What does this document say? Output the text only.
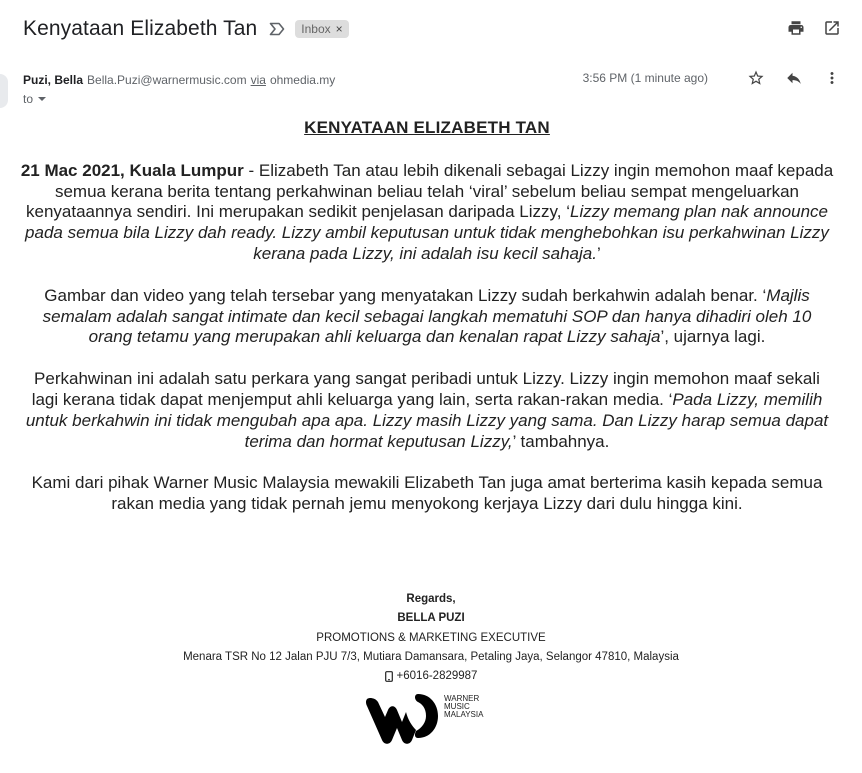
Kenyataan Elizabeth Tan	Inbox ×
Puzi, Bella Bella.Puzi@warnermusic.com via ohmedia.my	3:56 PM (1 minute ago)
to
KENYATAAN ELIZABETH TAN

21 Mac 2021, Kuala Lumpur - Elizabeth Tan atau lebih dikenali sebagai Lizzy ingin memohon maaf kepada semua kerana berita tentang perkahwinan beliau telah ‘viral’ sebelum beliau sempat mengeluarkan kenyataannya sendiri. Ini merupakan sedikit penjelasan daripada Lizzy, ‘Lizzy memang plan nak announce pada semua bila Lizzy dah ready. Lizzy ambil keputusan untuk tidak menghebohkan isu perkahwinan Lizzy kerana pada Lizzy, ini adalah isu kecil sahaja.’

Gambar dan video yang telah tersebar yang menyatakan Lizzy sudah berkahwin adalah benar. ‘Majlis semalam adalah sangat intimate dan kecil sebagai langkah mematuhi SOP dan hanya dihadiri oleh 10 orang tetamu yang merupakan ahli keluarga dan kenalan rapat Lizzy sahaja’, ujarnya lagi.

Perkahwinan ini adalah satu perkara yang sangat peribadi untuk Lizzy. Lizzy ingin memohon maaf sekali lagi kerana tidak dapat menjemput ahli keluarga yang lain, serta rakan-rakan media. ‘Pada Lizzy, memilih untuk berkahwin ini tidak mengubah apa apa. Lizzy masih Lizzy yang sama. Dan Lizzy harap semua dapat terima dan hormat keputusan Lizzy,’ tambahnya.

Kami dari pihak Warner Music Malaysia mewakili Elizabeth Tan juga amat berterima kasih kepada semua rakan media yang tidak pernah jemu menyokong kerjaya Lizzy dari dulu hingga kini.

Regards,
BELLA PUZI
PROMOTIONS & MARKETING EXECUTIVE
Menara TSR No 12 Jalan PJU 7/3, Mutiara Damansara, Petaling Jaya, Selangor 47810, Malaysia
+6016-2829987
WARNER
MUSIC
MALAYSIA
